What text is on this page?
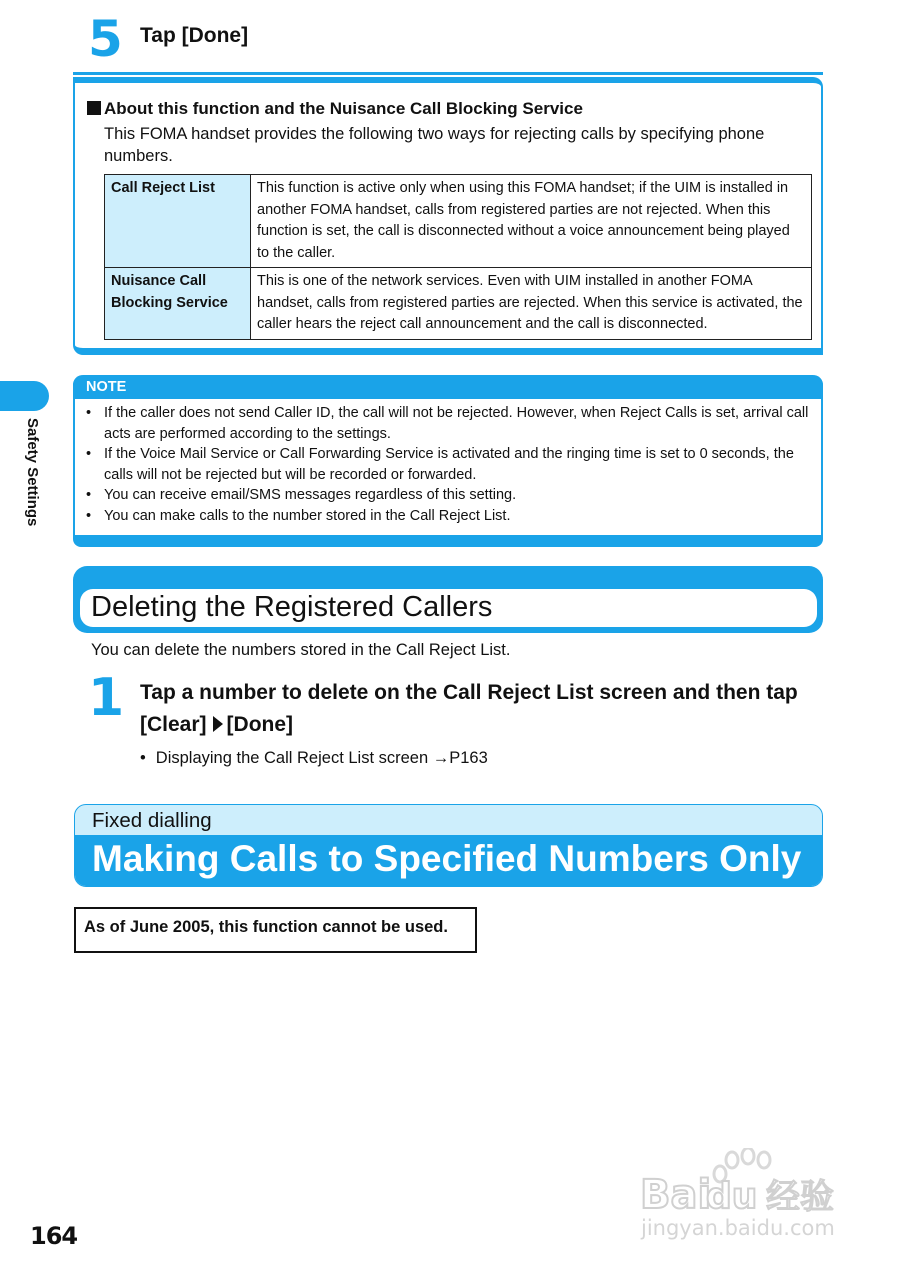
5 Tap [Done]
About this function and the Nuisance Call Blocking Service
This FOMA handset provides the following two ways for rejecting calls by specifying phone numbers.
Call Reject List	This function is active only when using this FOMA handset; if the UIM is installed in another FOMA handset, calls from registered parties are not rejected. When this function is set, the call is disconnected without a voice announcement being played to the caller.
Nuisance Call Blocking Service	This is one of the network services. Even with UIM installed in another FOMA handset, calls from registered parties are rejected. When this service is activated, the caller hears the reject call announcement and the call is disconnected.
Safety Settings
NOTE
• If the caller does not send Caller ID, the call will not be rejected. However, when Reject Calls is set, arrival call acts are performed according to the settings.
• If the Voice Mail Service or Call Forwarding Service is activated and the ringing time is set to 0 seconds, the calls will not be rejected but will be recorded or forwarded.
• You can receive email/SMS messages regardless of this setting.
• You can make calls to the number stored in the Call Reject List.
Deleting the Registered Callers
You can delete the numbers stored in the Call Reject List.
1 Tap a number to delete on the Call Reject List screen and then tap [Clear] [Done]
• Displaying the Call Reject List screen →P163
Fixed dialling
Making Calls to Specified Numbers Only
As of June 2005, this function cannot be used.
164
Bai
du 经验
jingyan.baidu.com
